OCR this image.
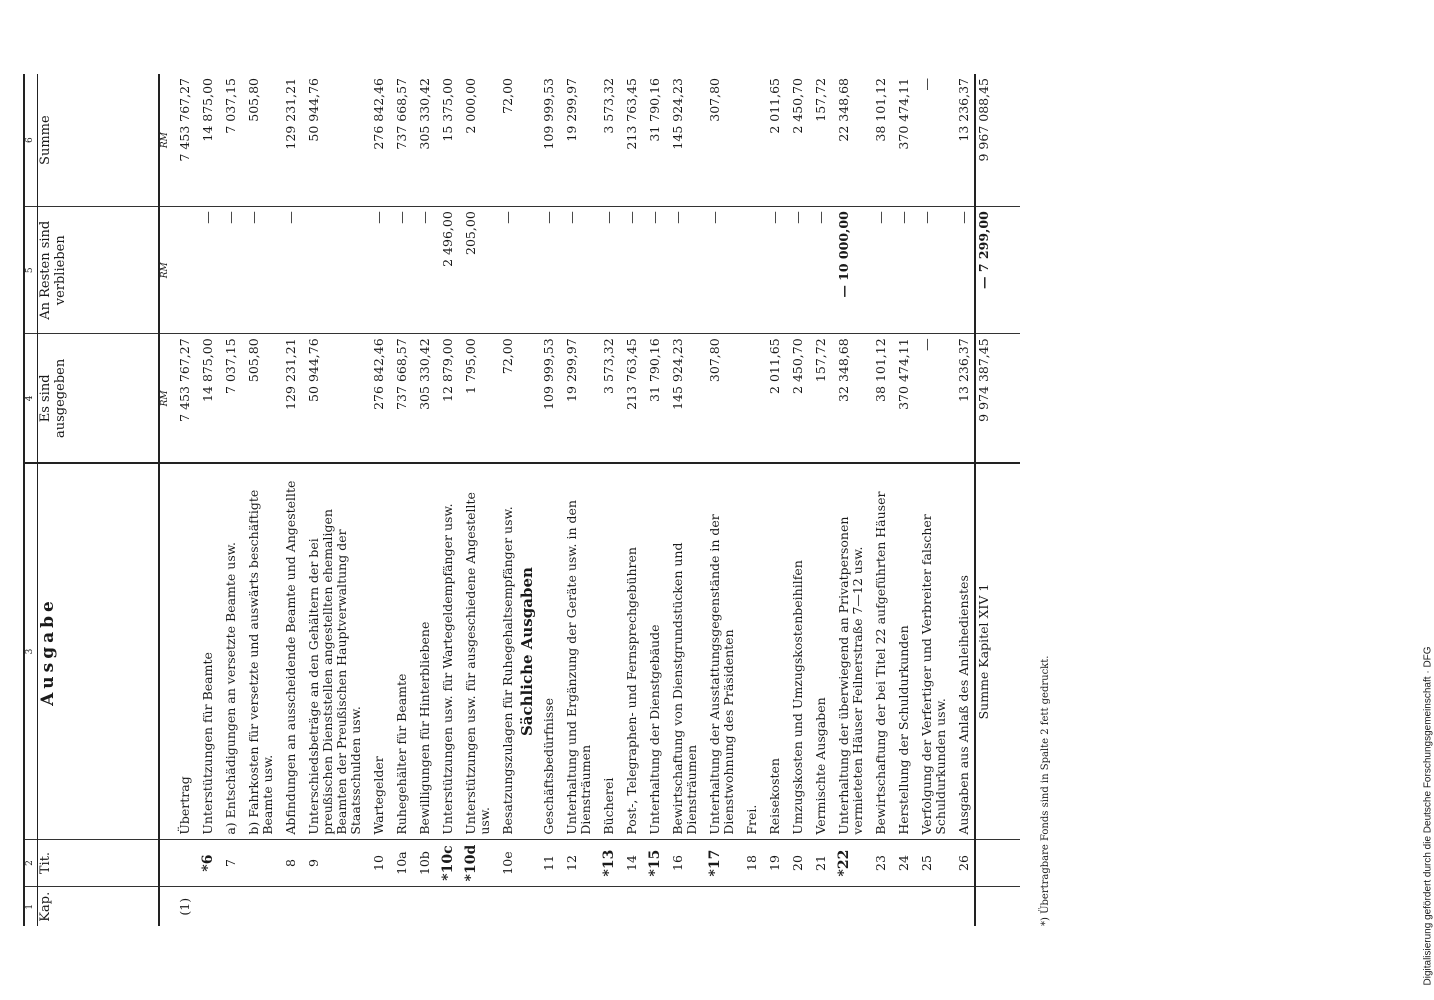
1	2	3	4	5	6
Kap.	Tit.	Ausgabe	Es sind ausgegeben	An Resten sind verblieben	Summe
			RM	RM	RM
(1)		Übertrag	7 453 767,27		7 453 767,27
	*6	Unterstützungen für Beamte	14 875,00	—	14 875,00
	7	a) Entschädigungen an versetzte Beamte usw.	7 037,15	—	7 037,15
		b) Fahrkosten für versetzte und auswärts beschäftigte Beamte usw.	505,80	—	505,80
	8	Abfindungen an ausscheidende Beamte und Angestellte	129 231,21	—	129 231,21
	9	Unterschiedsbeträge an den Gehältern der bei preußischen Dienststellen angestellten ehemaligen Beamten der Preußischen Hauptverwaltung der Staatsschulden usw.	50 944,76		50 944,76
	10	Wartegelder	276 842,46	—	276 842,46
	10a	Ruhegehälter für Beamte	737 668,57	—	737 668,57
	10b	Bewilligungen für Hinterbliebene	305 330,42	—	305 330,42
	*10c	Unterstützungen usw. für Wartegeldempfänger usw.	12 879,00	2 496,00	15 375,00
	*10d	Unterstützungen usw. für ausgeschiedene Angestellte usw.	1 795,00	205,00	2 000,00
	10e	Besatzungszulagen für Ruhegehaltsempfänger usw.	72,00	—	72,00
		Sächliche Ausgaben			
	11	Geschäftsbedürfnisse	109 999,53	—	109 999,53
	12	Unterhaltung und Ergänzung der Geräte usw. in den Diensträumen	19 299,97	—	19 299,97
	*13	Bücherei	3 573,32	—	3 573,32
	14	Post-, Telegraphen- und Fernsprechgebühren	213 763,45	—	213 763,45
	*15	Unterhaltung der Dienstgebäude	31 790,16	—	31 790,16
	16	Bewirtschaftung von Dienstgrundstücken und Diensträumen	145 924,23	—	145 924,23
	*17	Unterhaltung der Ausstattungsgegenstände in der Dienstwohnung des Präsidenten	307,80	—	307,80
	18	Frei.			
	19	Reisekosten	2 011,65	—	2 011,65
	20	Umzugskosten und Umzugskostenbeihilfen	2 450,70	—	2 450,70
	21	Vermischte Ausgaben	157,72	—	157,72
	*22	Unterhaltung der überwiegend an Privatpersonen vermieteten Häuser Feilnerstraße 7—12 usw.	32 348,68	— 10 000,00	22 348,68
	23	Bewirtschaftung der bei Titel 22 aufgeführten Häuser	38 101,12	—	38 101,12
	24	Herstellung der Schuldurkunden	370 474,11	—	370 474,11
	25	Verfolgung der Verfertiger und Verbreiter falscher Schuldurkunden usw.	—	—	—
	26	Ausgaben aus Anlaß des Anleihedienstes	13 236,37	—	13 236,37
		Summe Kapitel XIV 1	9 974 387,45	— 7 299,00	9 967 088,45
*) Übertragbare Fonds sind in Spalte 2 fett gedruckt.	Digitalisierung gefördert durch die Deutsche Forschungsgemeinschaft · DFG
